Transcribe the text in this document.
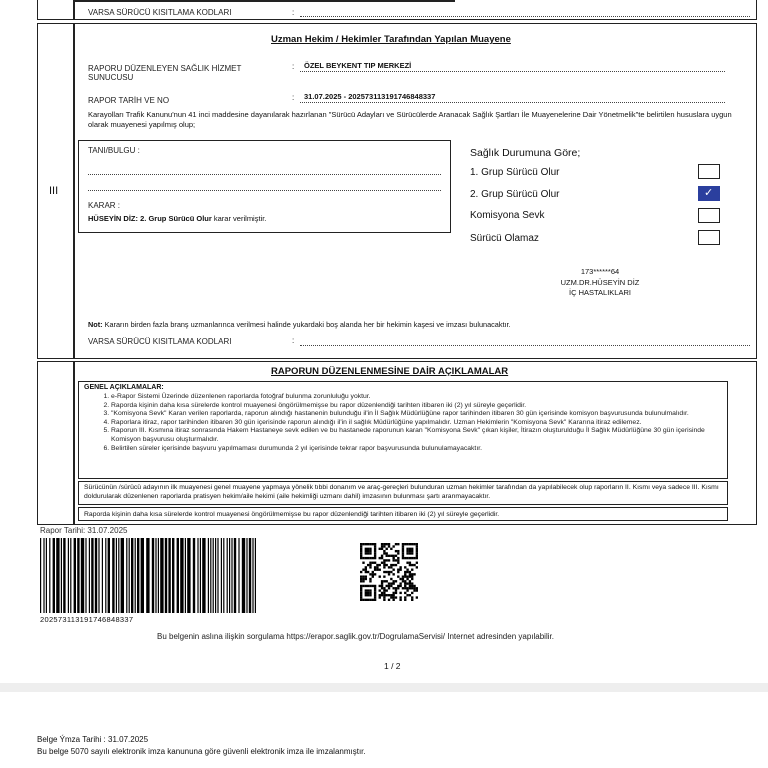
VARSA SÜRÜCÜ KISITLAMA KODLARI	:
III
Uzman Hekim / Hekimler Tarafından Yapılan Muayene
RAPORU DÜZENLEYEN SAĞLIK HİZMET SUNUCUSU
: ÖZEL BEYKENT TIP MERKEZİ
RAPOR TARİH VE NO	: 31.07.2025 - 20257311319174684833​7
Karayolları Trafik Kanunu'nun 41 inci maddesine dayanılarak hazırlanan "Sürücü Adayları ve Sürücülerde Aranacak Sağlık Şartları İle Muayenelerine Dair Yönetmelik"te belirtilen hususlara uygun olarak muayenesi yapılmış olup;
TANI/BULGU :
KARAR :
HÜSEYİN DİZ: 2. Grup Sürücü Olur karar verilmiştir.
Sağlık Durumuna Göre;
1. Grup Sürücü Olur
2. Grup Sürücü Olur
✓
Komisyona Sevk
Sürücü Olamaz
173******64
UZM.DR.HÜSEYİN DİZ
İÇ HASTALIKLARI
Not: Kararın birden fazla branş uzmanlarınca verilmesi halinde yukardaki boş alanda her bir hekimin kaşesi ve imzası bulunacaktır.
VARSA SÜRÜCÜ KISITLAMA KODLARI	:
RAPORUN DÜZENLENMESİNE DAİR AÇIKLAMALAR
GENEL AÇIKLAMALAR:
1. e-Rapor Sistemi Üzerinde düzenlenen raporlarda fotoğraf bulunma zorunluluğu yoktur.
2. Raporda kişinin daha kısa sürelerde kontrol muayenesi öngörülmemişse bu rapor düzenlendiği tarihten itibaren iki (2) yıl süreyle geçerlidir.
3. "Komisyona Sevk" Karan verilen raporlarda, raporun alındığı hastanenin bulunduğu il'in İl Sağlık Müdürlüğüne rapor tarihinden itibaren 30 gün içerisinde komisyon başvurusunda bulunulmalıdır.
4. Raporlara itiraz, rapor tarihinden itibaren 30 gün içerisinde raporun alındığı il'in il sağlık Müdürlüğüne yapılmalıdır. Uzman Hekimlerin "Komisyona Sevk" Kararına itiraz edilemez.
5. Raporun III. Kısmına itiraz sonrasında Hakem Hastaneye sevk edilen ve bu hastanede raporunun karan "Komisyona Sevk" çıkan kişiler, İtirazın oluşturulduğu İl Sağlık Müdürlüğüne 30 gün içerisinde Komisyon başvurusu oluşturmalıdır.
6. Belirtilen süreler içerisinde başvuru yapılmaması durumunda 2 yıl içerisinde tekrar rapor başvurusunda bulunulamayacaktır.
Sürücünün /sürücü adayının ilk muayenesi genel muayene yapmaya yönelik tıbbi donanım ve araç-gereçleri bulunduran uzman hekimler tarafından da yapılabilecek olup raporların II. Kısmı veya sadece III. Kısmı doldurularak düzenlenen raporlarda pratisyen hekim/aile hekimi (aile hekimliği uzmanı dahil) imzasının bulunması şartı aranmayacaktır.
Raporda kişinin daha kısa sürelerde kontrol muayenesi öngörülmemişse bu rapor düzenlendiği tarihten itibaren iki (2) yıl süreyle geçerlidir.
Rapor Tarihi: 31.07.2025
20257311319174684833​7
Bu belgenin aslına ilişkin sorgulama https://erapor.saglik.gov.tr/DogrulamaServisi/ Internet adresinden yapılabilir.
1 / 2
Belge Ýmza Tarihi : 31.07.2025
Bu belge 5070 sayılı elektronik imza kanununa göre güvenli elektronik imza ile imzalanmıştır.
